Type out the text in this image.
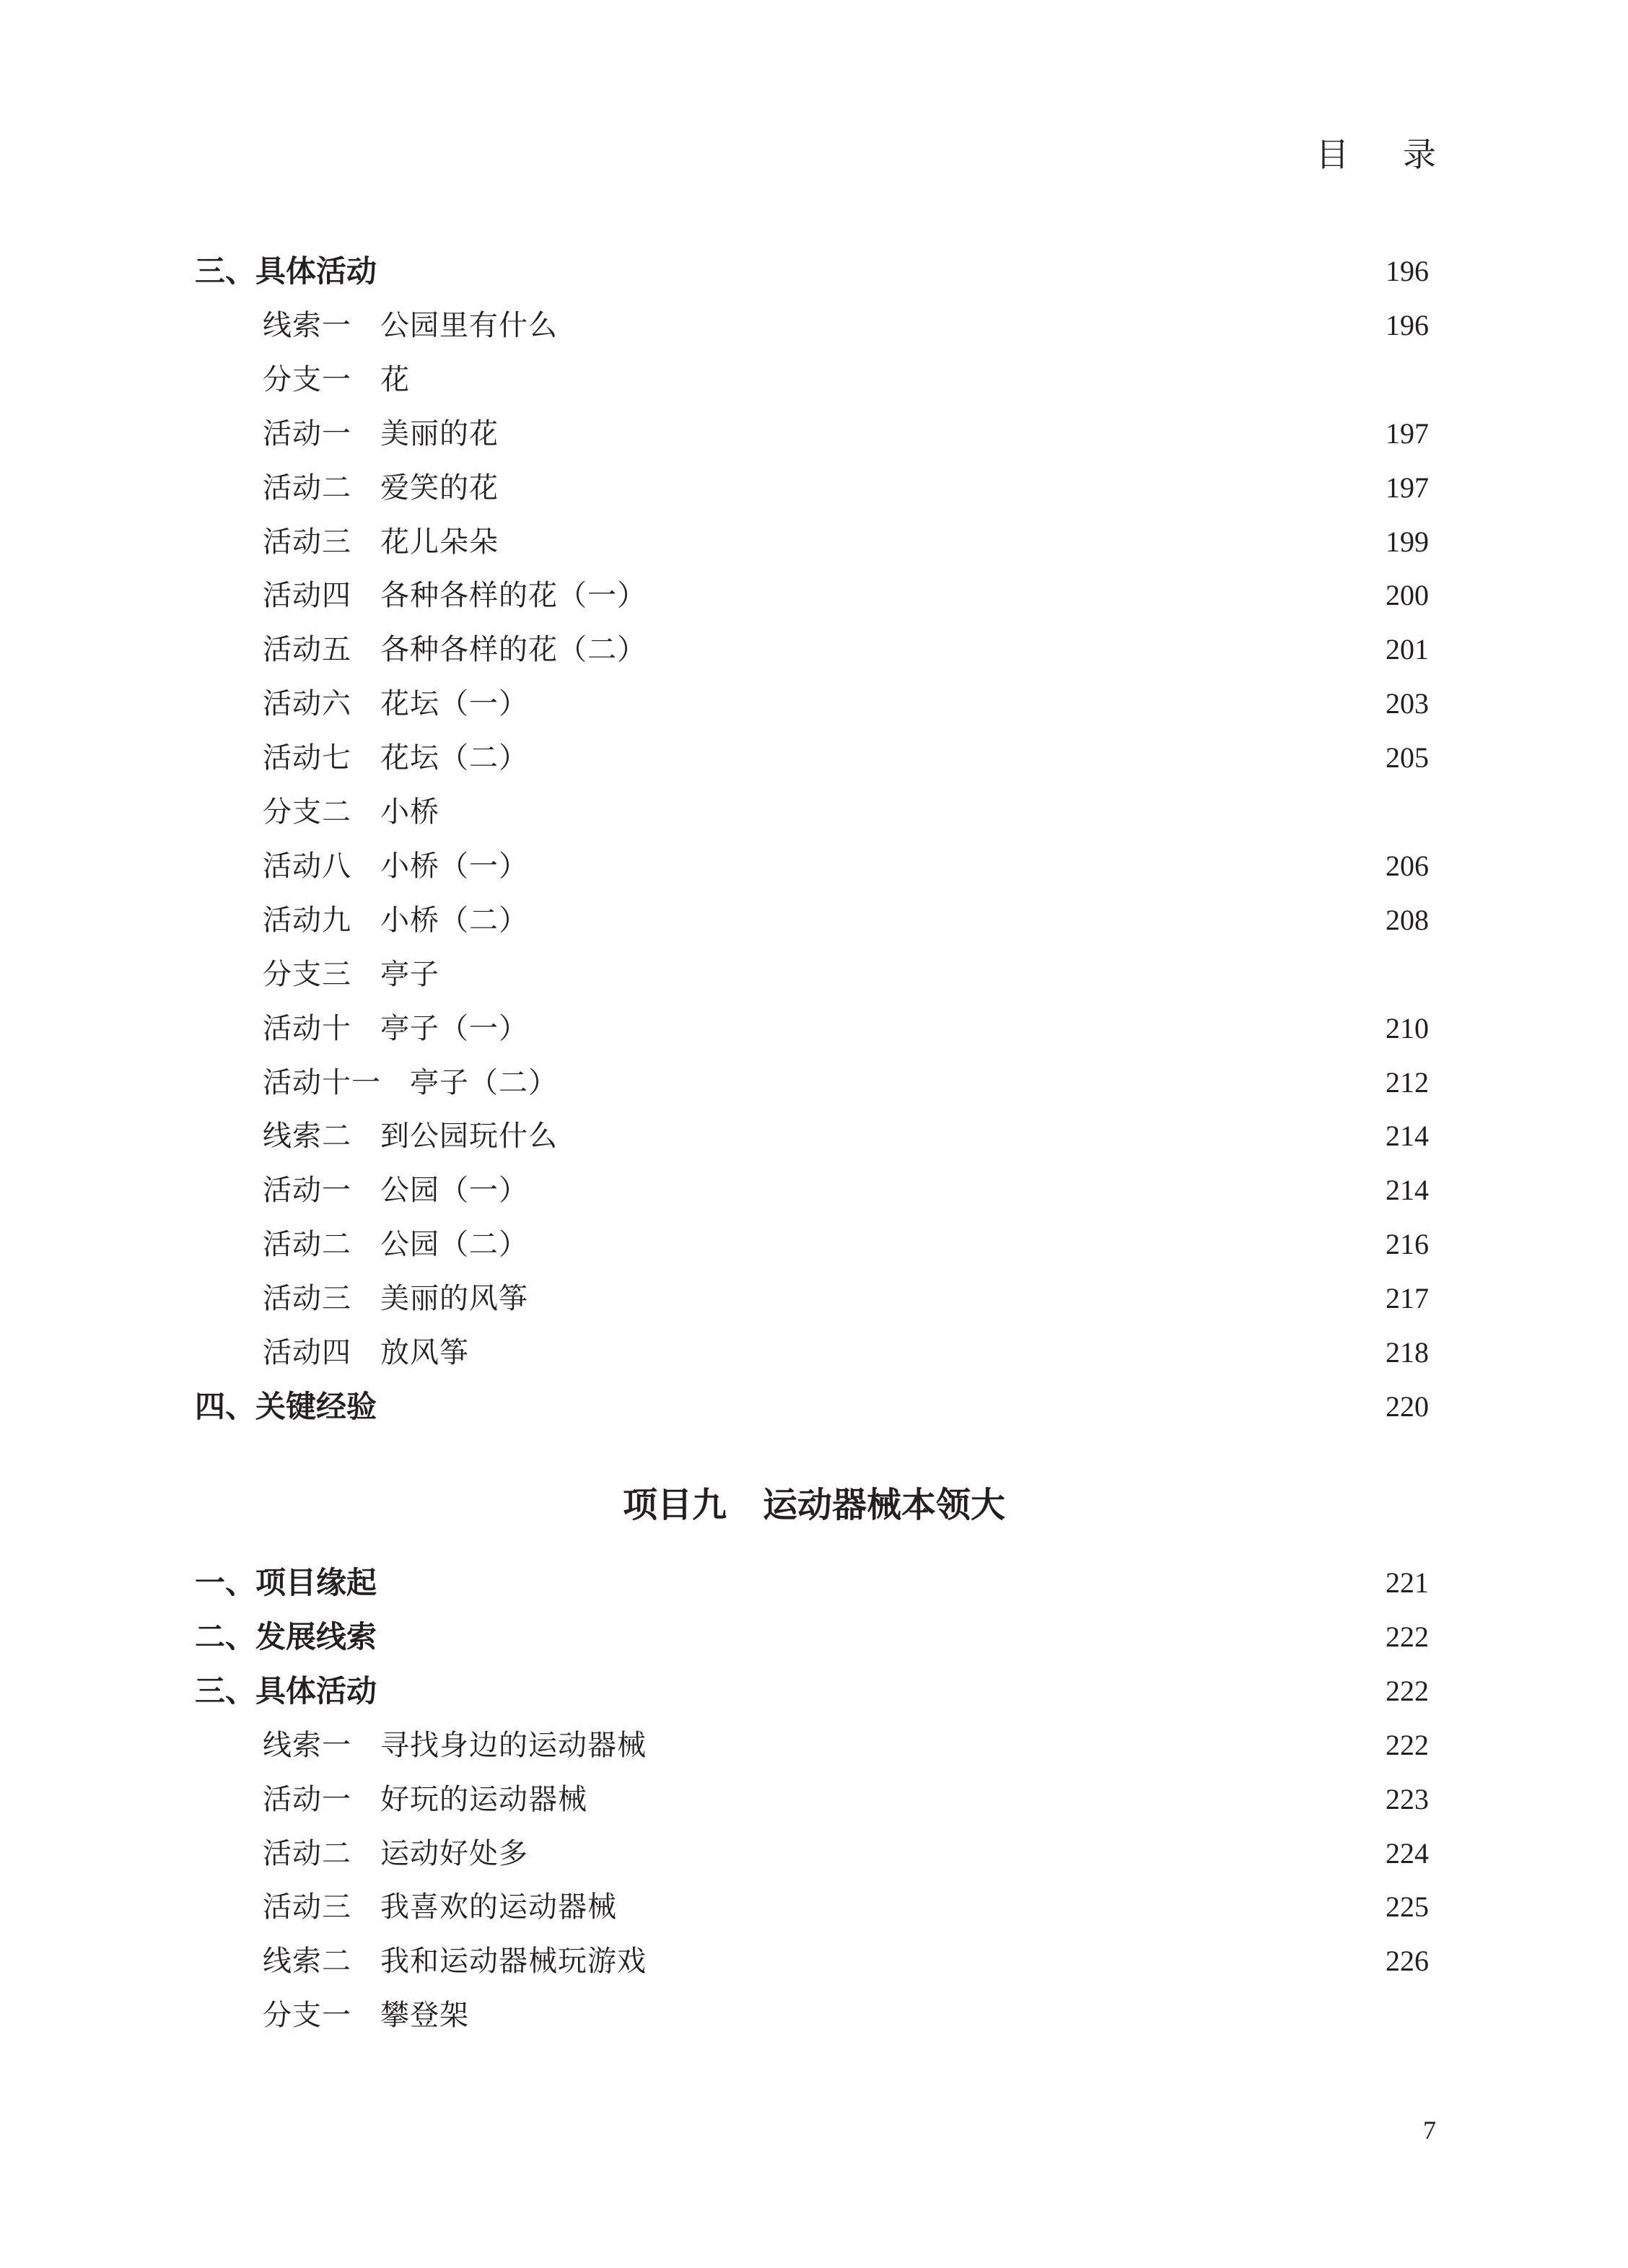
目 录
三、具体活动	196
线索一 公园里有什么	196
分支一 花
活动一 美丽的花	197
活动二 爱笑的花	197
活动三 花儿朵朵	199
活动四 各种各样的花（一）	200
活动五 各种各样的花（二）	201
活动六 花坛（一）	203
活动七 花坛（二）	205
分支二 小桥
活动八 小桥（一）	206
活动九 小桥（二）	208
分支三 亭子
活动十 亭子（一）	210
活动十一 亭子（二）	212
线索二 到公园玩什么	214
活动一 公园（一）	214
活动二 公园（二）	216
活动三 美丽的风筝	217
活动四 放风筝	218
四、关键经验	220
项目九 运动器械本领大
一、项目缘起	221
二、发展线索	222
三、具体活动	222
线索一 寻找身边的运动器械	222
活动一 好玩的运动器械	223
活动二 运动好处多	224
活动三 我喜欢的运动器械	225
线索二 我和运动器械玩游戏	226
分支一 攀登架
7
